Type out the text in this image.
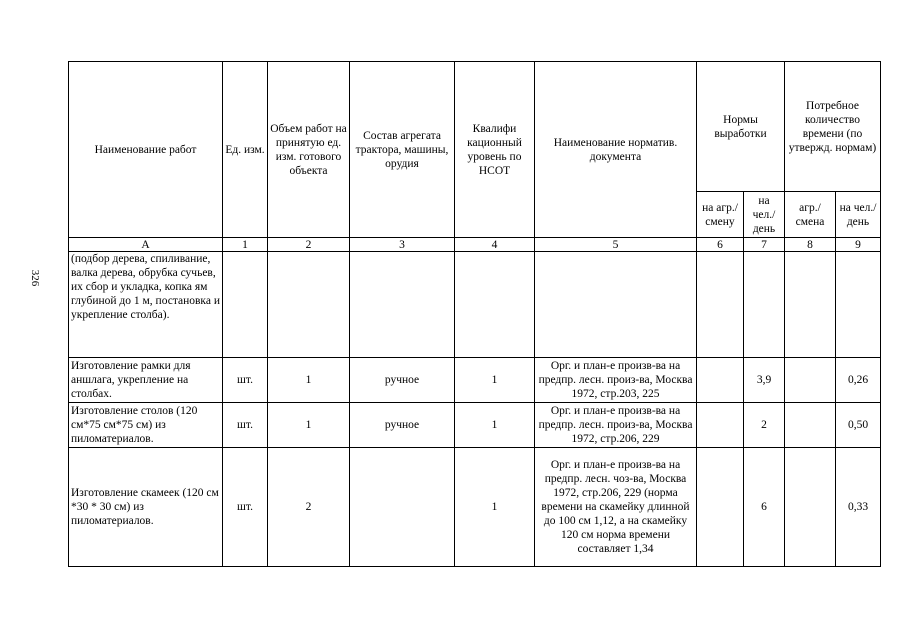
326
Наименование работ	Ед. изм.	Объем работ на принятую ед. изм. готового объекта	Состав агрегата трактора, машины, орудия	Квалифи кационный уровень по НСОТ	Наименование норматив. документа	Нормы выработки		Потребное количество времени (по утвержд. нормам)	
						на агр./ смену	на чел./ день	агр./ смена	на чел./ день
А	1	2	3	4	5	6	7	8	9
(подбор дерева, спиливание, валка дерева, обрубка сучьев, их сбор и укладка, копка ям глубиной до 1 м, постановка и укрепление столба).									
Изготовление рамки для аншлага, укрепление на столбах.	шт.	1	ручное	1	Орг. и план-е произв-ва на предпр. лесн. произ-ва, Москва 1972, стр.203, 225		3,9		0,26
Изготовление столов (120 см*75 см*75 см) из пиломатериалов.	шт.	1	ручное	1	Орг. и план-е произв-ва на предпр. лесн. произ-ва, Москва 1972, стр.206, 229		2		0,50
Изготовление скамеек (120 см *30 * 30 см) из пиломатериалов.	шт.	2		1	Орг. и план-е произв-ва на предпр. лесн. чоз-ва, Москва 1972, стр.206, 229 (норма времени на скамейку длинной до 100 см 1,12, а на скамейку 120 см норма времени составляет 1,34		6		0,33
